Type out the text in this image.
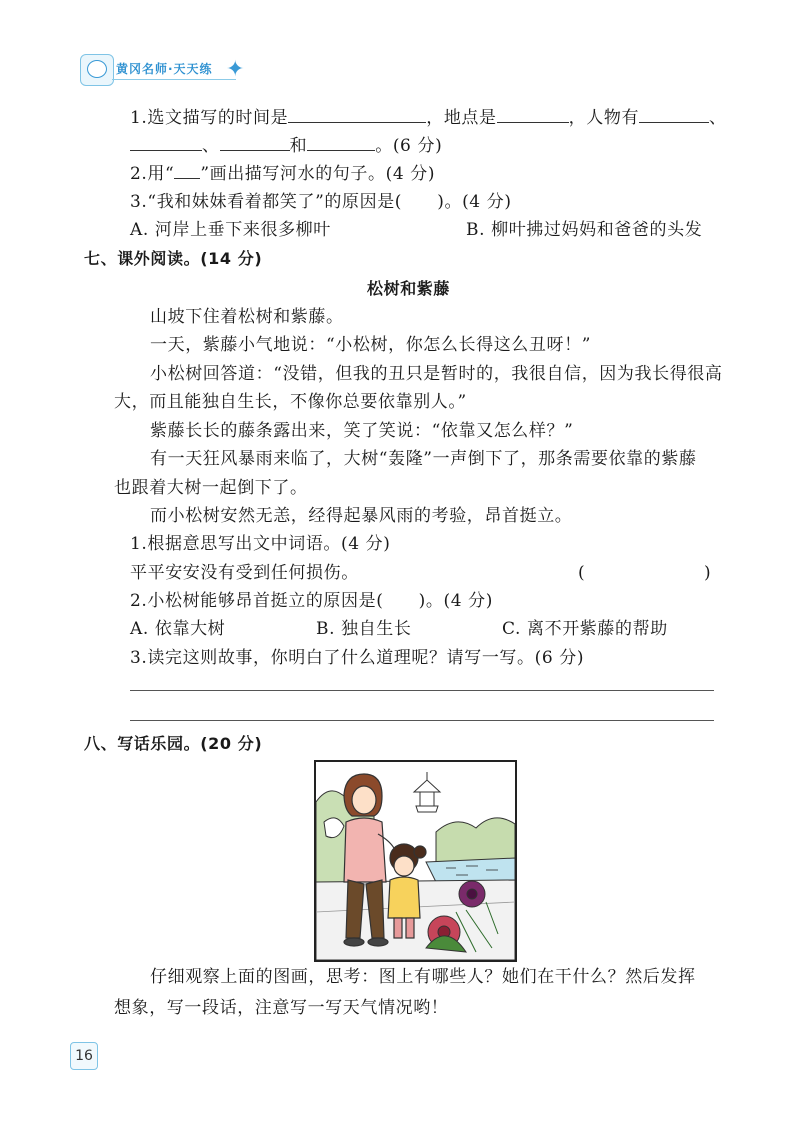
黄冈名师·天天练 ✦
1.选文描写的时间是	，地点是	，人物有	、
、	和	。(6 分)
2.用“ ”画出描写河水的句子。(4 分)
3.“我和妹妹看着都笑了”的原因是(　　)。(4 分)
A. 河岸上垂下来很多柳叶	B. 柳叶拂过妈妈和爸爸的头发
七、课外阅读。(14 分)
松树和紫藤
山坡下住着松树和紫藤。
一天，紫藤小气地说：“小松树，你怎么长得这么丑呀！”
小松树回答道：“没错，但我的丑只是暂时的，我很自信，因为我长得很高
大，而且能独自生长，不像你总要依靠别人。”
紫藤长长的藤条露出来，笑了笑说：“依靠又怎么样？”
有一天狂风暴雨来临了，大树“轰隆”一声倒下了，那条需要依靠的紫藤
也跟着大树一起倒下了。
而小松树安然无恙，经得起暴风雨的考验，昂首挺立。
1.根据意思写出文中词语。(4 分)
平平安安没有受到任何损伤。	(	)
2.小松树能够昂首挺立的原因是(　　)。(4 分)
A. 依靠大树	B. 独自生长	C. 离不开紫藤的帮助
3.读完这则故事，你明白了什么道理呢？请写一写。(6 分)
八、写话乐园。(20 分)
仔细观察上面的图画，思考：图上有哪些人？她们在干什么？然后发挥
想象，写一段话，注意写一写天气情况哟！
16
